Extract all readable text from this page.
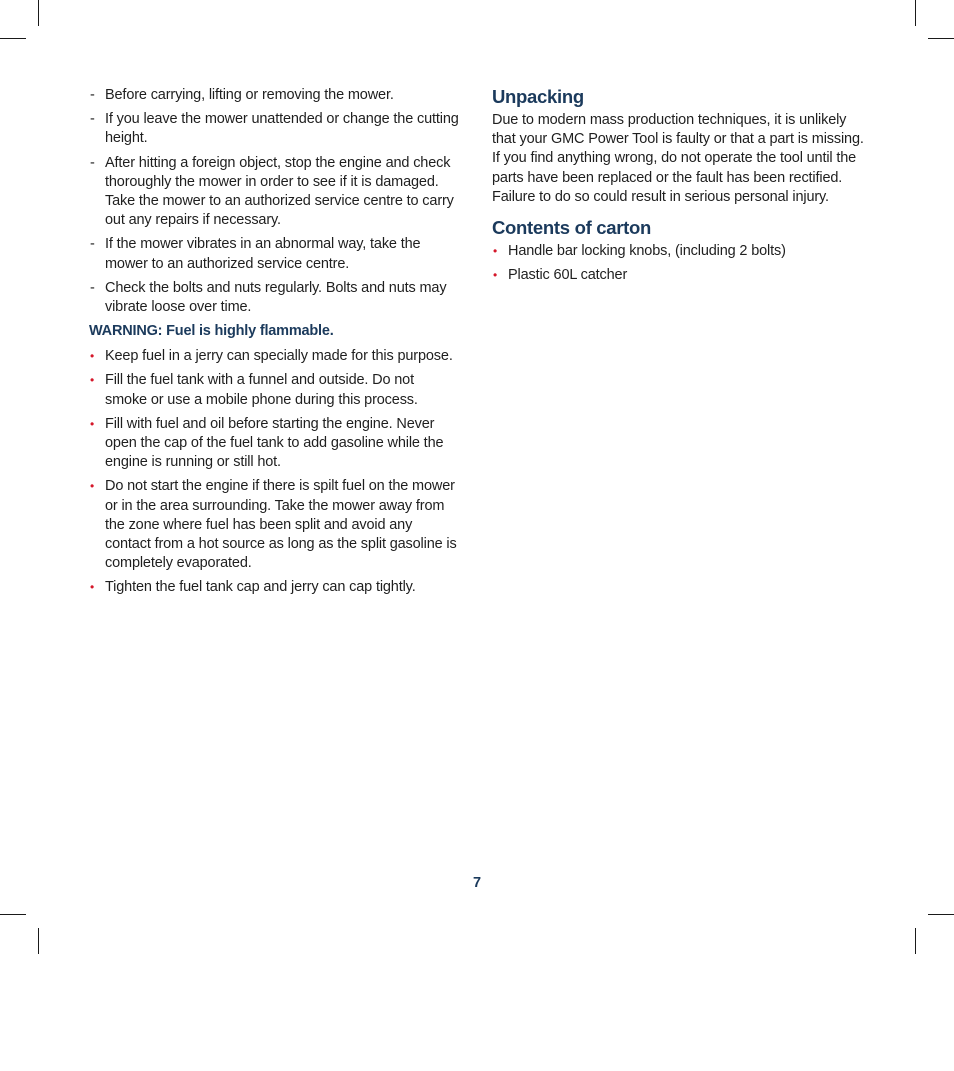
- Before carrying, lifting or removing the mower.
- If you leave the mower unattended or change the cutting height.
- After hitting a foreign object, stop the engine and check thoroughly the mower in order to see if it is damaged. Take the mower to an authorized service centre to carry out any repairs if necessary.
- If the mower vibrates in an abnormal way, take the mower to an authorized service centre.
- Check the bolts and nuts regularly. Bolts and nuts may vibrate loose over time.
WARNING: Fuel is highly flammable.
• Keep fuel in a jerry can specially made for this purpose.
• Fill the fuel tank with a funnel and outside. Do not smoke or use a mobile phone during this process.
• Fill with fuel and oil before starting the engine. Never open the cap of the fuel tank to add gasoline while the engine is running or still hot.
• Do not start the engine if there is spilt fuel on the mower or in the area surrounding. Take the mower away from the zone where fuel has been split and avoid any contact from a hot source as long as the split gasoline is completely evaporated.
• Tighten the fuel tank cap and jerry can cap tightly.
Unpacking
Due to modern mass production techniques, it is unlikely that your GMC Power Tool is faulty or that a part is missing. If you find anything wrong, do not operate the tool until the parts have been replaced or the fault has been rectified. Failure to do so could result in serious personal injury.
Contents of carton
• Handle bar locking knobs, (including 2 bolts)
• Plastic 60L catcher
7
